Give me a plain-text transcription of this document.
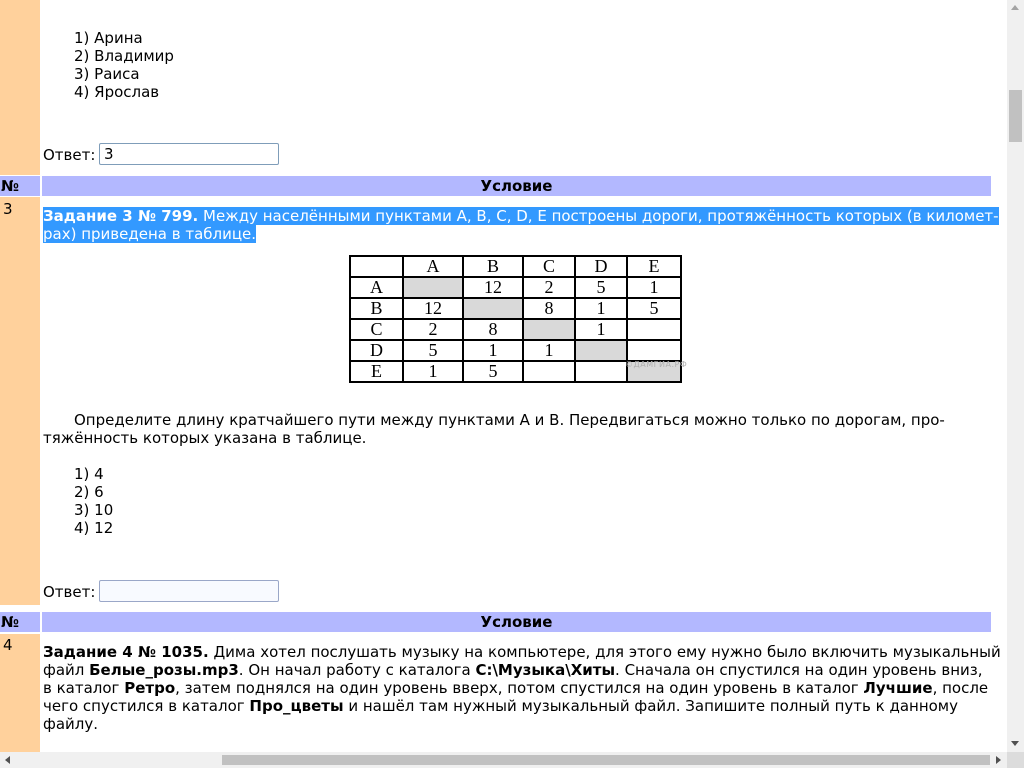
1) Арина
2) Владимир
3) Раиса
4) Ярослав
Ответ:
3
№	Условие
3	Задание 3 № 799. Между населёнными пунктами A, B, C, D, E построены дороги, протяжённость которых (в километ-
рах) приведена в таблице.
	A	B	C	D	E
A		12	2	5	1
B	12		8	1	5
C	2	8		1	
D	5	1	1		
E	1	5				©ДАМГИА.РФ
Определите длину кратчайшего пути между пунктами A и B. Передвигаться можно только по дорогам, про-
тяжённость которых указана в таблице.
1) 4
2) 6
3) 10
4) 12
Ответ:
№	Условие
4	Задание 4 № 1035. Дима хотел послушать музыку на компьютере, для этого ему нужно было включить музыкальный
файл Белые_розы.mp3. Он начал работу с каталога C:\Музыка\Хиты. Сначала он спустился на один уровень вниз,
в каталог Ретро, затем поднялся на один уровень вверх, потом спустился на один уровень в каталог Лучшие, после
чего спустился в каталог Про_цветы и нашёл там нужный музыкальный файл. Запишите полный путь к данному
файлу.
